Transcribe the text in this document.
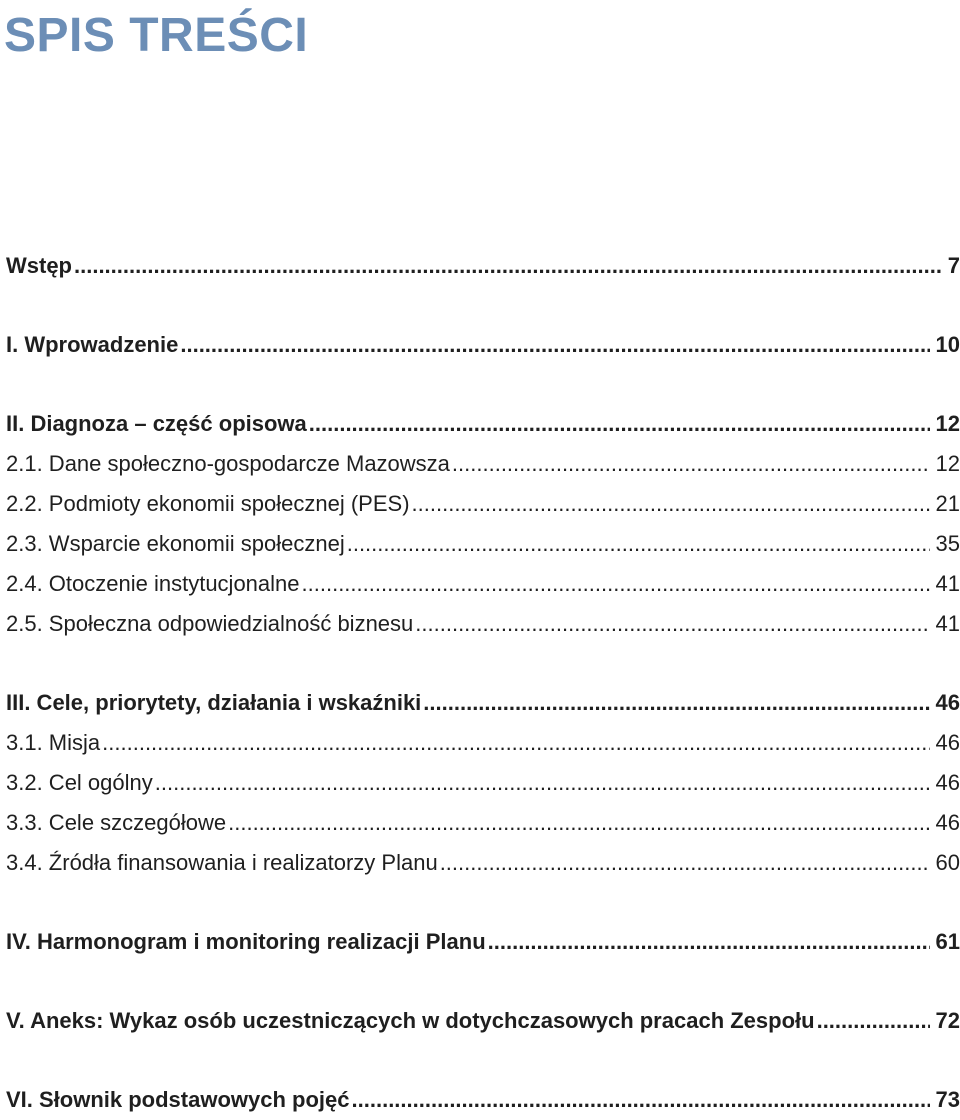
SPIS TREŚCI
Wstęp .....	7
I. Wprowadzenie .....	10
II. Diagnoza – część opisowa .....	12
2.1. Dane społeczno-gospodarcze Mazowsza .....	12
2.2. Podmioty ekonomii społecznej (PES) .....	21
2.3. Wsparcie ekonomii społecznej .....	35
2.4. Otoczenie instytucjonalne .....	41
2.5. Społeczna odpowiedzialność biznesu .....	41
III. Cele, priorytety, działania i wskaźniki .....	46
3.1. Misja .....	46
3.2. Cel ogólny .....	46
3.3. Cele szczegółowe .....	46
3.4. Źródła finansowania i realizatorzy Planu .....	60
IV. Harmonogram i monitoring realizacji Planu .....	61
V. Aneks: Wykaz osób uczestniczących w dotychczasowych pracach Zespołu .....	72
VI. Słownik podstawowych pojęć .....	73
